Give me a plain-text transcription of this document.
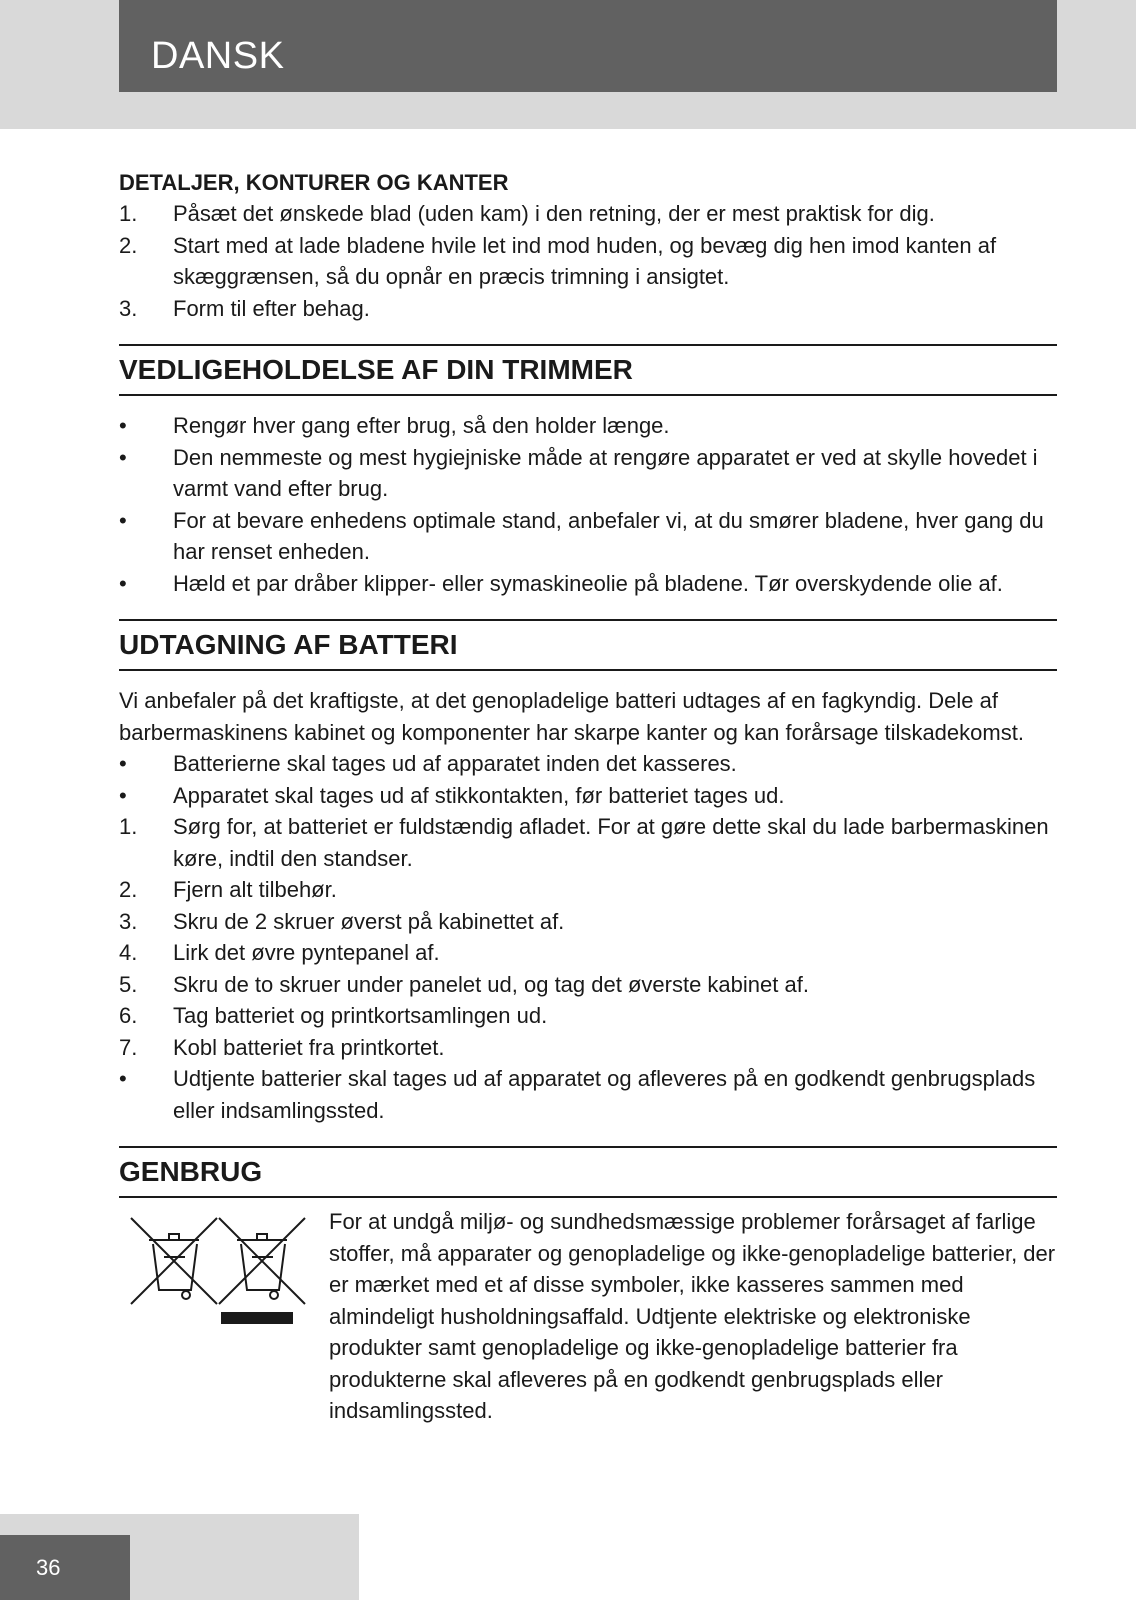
DANSK

DETALJER, KONTURER OG KANTER

1.	Påsæt det ønskede blad (uden kam) i den retning, der er mest praktisk for dig.
2.	Start med at lade bladene hvile let ind mod huden, og bevæg dig hen imod kanten af skæggrænsen, så du opnår en præcis trimning i ansigtet.
3.	Form til efter behag.
VEDLIGEHOLDELSE AF DIN TRIMMER
•	Rengør hver gang efter brug, så den holder længe.
•	Den nemmeste og mest hygiejniske måde at rengøre apparatet er ved at skylle hovedet i varmt vand efter brug.
•	For at bevare enhedens optimale stand, anbefaler vi, at du smører bladene, hver gang du har renset enheden.
•	Hæld et par dråber klipper- eller symaskineolie på bladene. Tør overskydende olie af.
UDTAGNING AF BATTERI

Vi anbefaler på det kraftigste, at det genopladelige batteri udtages af en fagkyndig. Dele af barbermaskinens kabinet og komponenter har skarpe kanter og kan forårsage tilskadekomst.

•	Batterierne skal tages ud af apparatet inden det kasseres.
•	Apparatet skal tages ud af stikkontakten, før batteriet tages ud.
1.	Sørg for, at batteriet er fuldstændig afladet. For at gøre dette skal du lade barbermaskinen køre, indtil den standser.
2.	Fjern alt tilbehør.
3.	Skru de 2 skruer øverst på kabinettet af.
4.	Lirk det øvre pyntepanel af.
5.	Skru de to skruer under panelet ud, og tag det øverste kabinet af.
6.	Tag batteriet og printkortsamlingen ud.
7.	Kobl batteriet fra printkortet.
•	Udtjente batterier skal tages ud af apparatet og afleveres på en godkendt genbrugsplads eller indsamlingssted.
GENBRUG

For at undgå miljø- og sundhedsmæssige problemer forårsaget af farlige stoffer, må apparater og genopladelige og ikke-genopladelige batterier, der er mærket med et af disse symboler, ikke kasseres sammen med almindeligt husholdningsaffald. Udtjente elektriske og elektroniske produkter samt genopladelige og ikke-genopladelige batterier fra produkterne skal afleveres på en godkendt genbrugsplads eller indsamlingssted.

36
